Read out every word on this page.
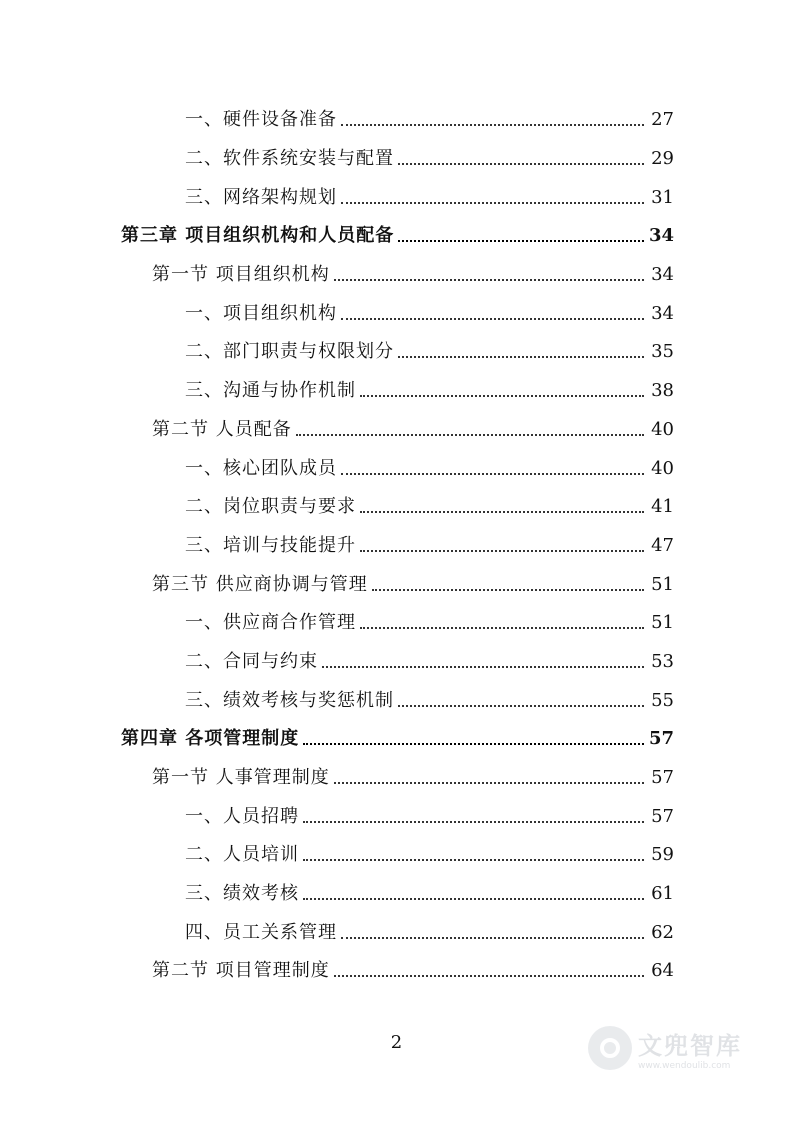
一、硬件设备准备	27
二、软件系统安装与配置	29
三、网络架构规划	31
第三章 项目组织机构和人员配备	34
第一节 项目组织机构	34
一、项目组织机构	34
二、部门职责与权限划分	35
三、沟通与协作机制	38
第二节 人员配备	40
一、核心团队成员	40
二、岗位职责与要求	41
三、培训与技能提升	47
第三节 供应商协调与管理	51
一、供应商合作管理	51
二、合同与约束	53
三、绩效考核与奖惩机制	55
第四章 各项管理制度	57
第一节 人事管理制度	57
一、人员招聘	57
二、人员培训	59
三、绩效考核	61
四、员工关系管理	62
第二节 项目管理制度	64
2	文兜智库
www.wendoulib.com
